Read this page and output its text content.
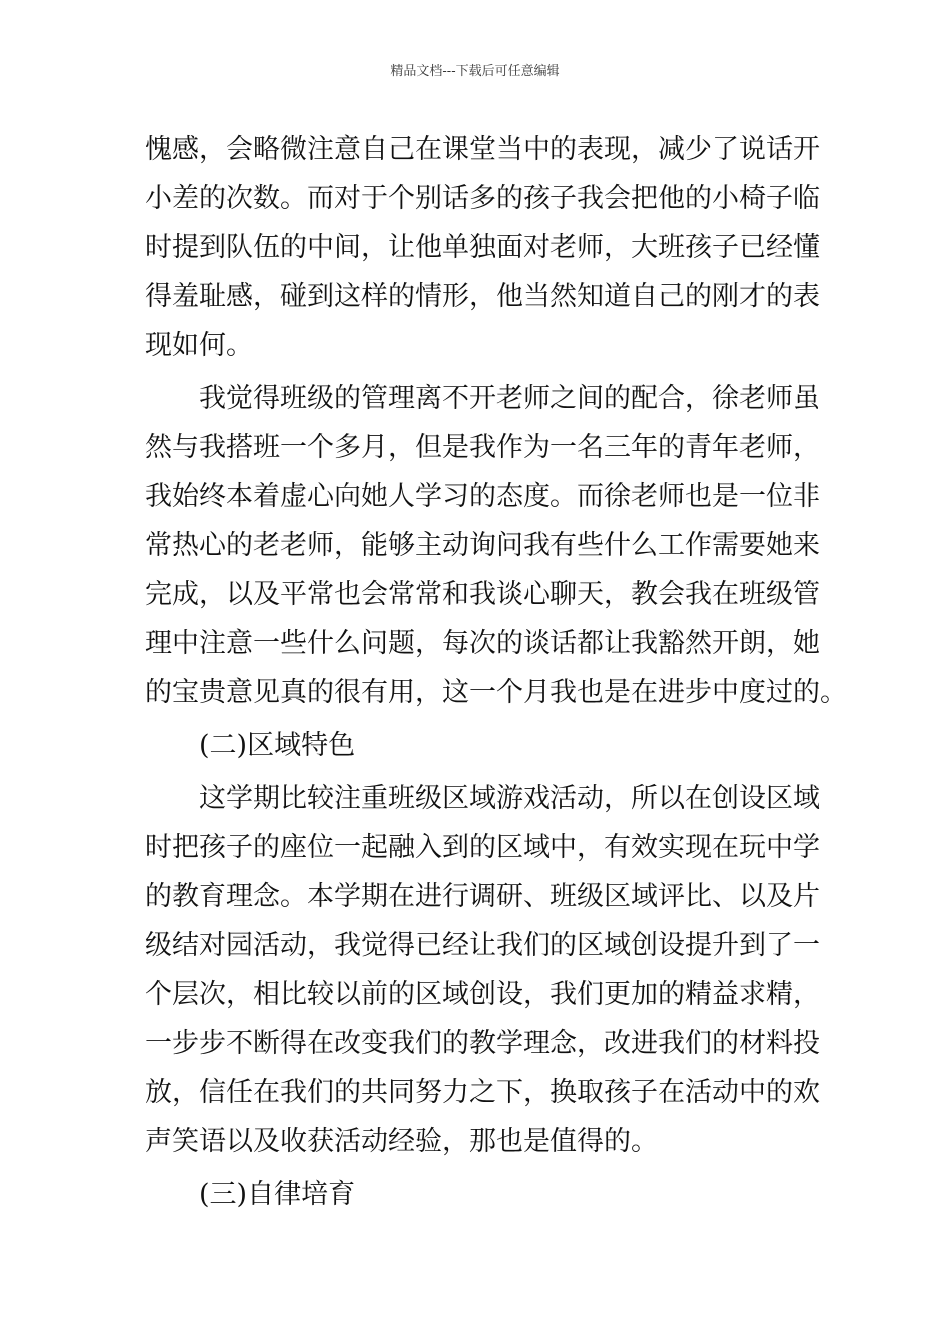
精品文档---下载后可任意编辑
愧感，会略微注意自己在课堂当中的表现，减少了说话开
小差的次数。而对于个别话多的孩子我会把他的小椅子临
时提到队伍的中间，让他单独面对老师，大班孩子已经懂
得羞耻感，碰到这样的情形，他当然知道自己的刚才的表
现如何。
我觉得班级的管理离不开老师之间的配合，徐老师虽
然与我搭班一个多月，但是我作为一名三年的青年老师，
我始终本着虚心向她人学习的态度。而徐老师也是一位非
常热心的老老师，能够主动询问我有些什么工作需要她来
完成，以及平常也会常常和我谈心聊天，教会我在班级管
理中注意一些什么问题，每次的谈话都让我豁然开朗，她
的宝贵意见真的很有用，这一个月我也是在进步中度过的。
(二)区域特色
这学期比较注重班级区域游戏活动，所以在创设区域
时把孩子的座位一起融入到的区域中，有效实现在玩中学
的教育理念。本学期在进行调研、班级区域评比、以及片
级结对园活动，我觉得已经让我们的区域创设提升到了一
个层次，相比较以前的区域创设，我们更加的精益求精，
一步步不断得在改变我们的教学理念，改进我们的材料投
放，信任在我们的共同努力之下，换取孩子在活动中的欢
声笑语以及收获活动经验，那也是值得的。
(三)自律培育
